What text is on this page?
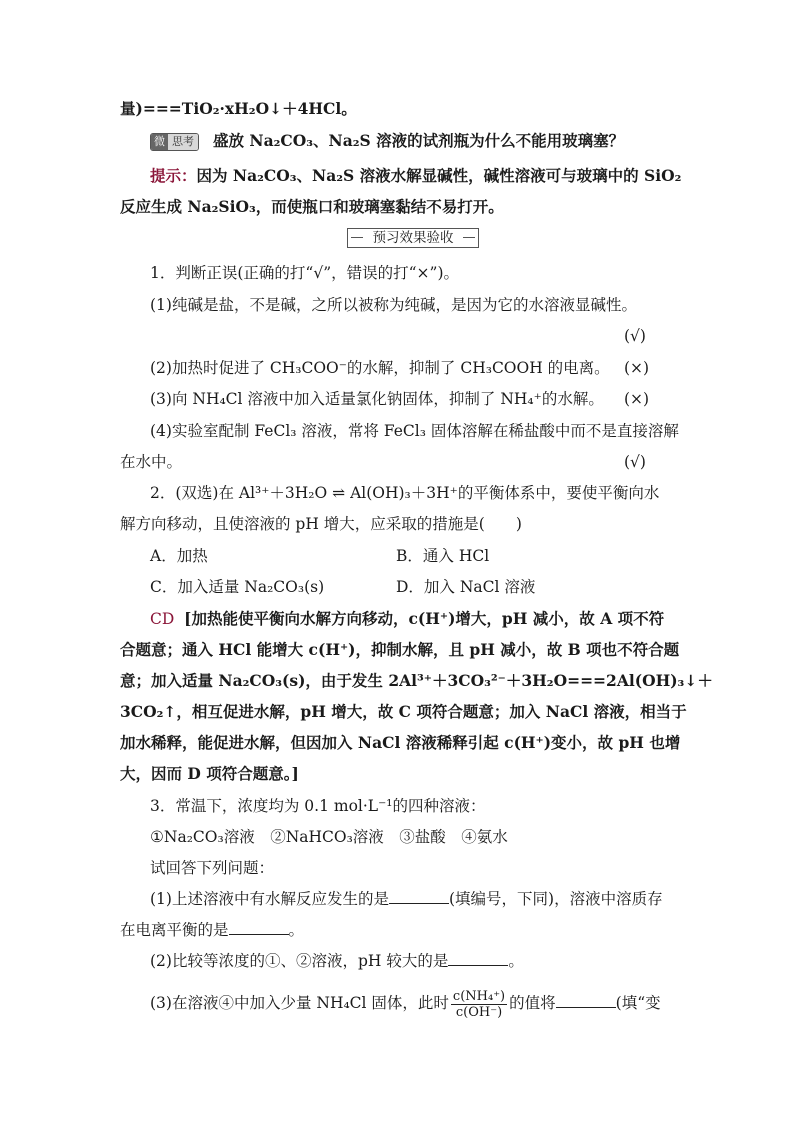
量)===TiO₂·xH₂O↓＋4HCl。
微 思考 盛放 Na₂CO₃、Na₂S 溶液的试剂瓶为什么不能用玻璃塞？
提示：因为 Na₂CO₃、Na₂S 溶液水解显碱性，碱性溶液可与玻璃中的 SiO₂
反应生成 Na₂SiO₃，而使瓶口和玻璃塞黏结不易打开。
预习效果验收
1．判断正误(正确的打“√”，错误的打“×”)。
(1)纯碱是盐，不是碱，之所以被称为纯碱，是因为它的水溶液显碱性。
(√)
(2)加热时促进了 CH₃COO⁻的水解，抑制了 CH₃COOH 的电离。 (×)
(3)向 NH₄Cl 溶液中加入适量氯化钠固体，抑制了 NH₄⁺的水解。 (×)
(4)实验室配制 FeCl₃ 溶液，常将 FeCl₃ 固体溶解在稀盐酸中而不是直接溶解
在水中。	(√)
2．(双选)在 Al³⁺＋3H₂O ⇌ Al(OH)₃＋3H⁺的平衡体系中，要使平衡向水
解方向移动，且使溶液的 pH 增大，应采取的措施是(　　)
A．加热	B．通入 HCl
C．加入适量 Na₂CO₃(s)	D．加入 NaCl 溶液
CD [加热能使平衡向水解方向移动，c(H⁺)增大，pH 减小，故 A 项不符
合题意；通入 HCl 能增大 c(H⁺)，抑制水解，且 pH 减小，故 B 项也不符合题
意；加入适量 Na₂CO₃(s)，由于发生 2Al³⁺＋3CO₃²⁻＋3H₂O===2Al(OH)₃↓＋
3CO₂↑，相互促进水解，pH 增大，故 C 项符合题意；加入 NaCl 溶液，相当于
加水稀释，能促进水解，但因加入 NaCl 溶液稀释引起 c(H⁺)变小，故 pH 也增
大，因而 D 项符合题意。]
3．常温下，浓度均为 0.1 mol·L⁻¹的四种溶液：
①Na₂CO₃溶液　②NaHCO₃溶液　③盐酸　④氨水
试回答下列问题：
(1)上述溶液中有水解反应发生的是	(填编号，下同)，溶液中溶质存
在电离平衡的是	。
(2)比较等浓度的①、②溶液，pH 较大的是	。
(3)在溶液④中加入少量 NH₄Cl 固体，此时 $\frac{\text{c(NH₄⁺)}}{c(OH^-)}$ 的值将	(填“变
